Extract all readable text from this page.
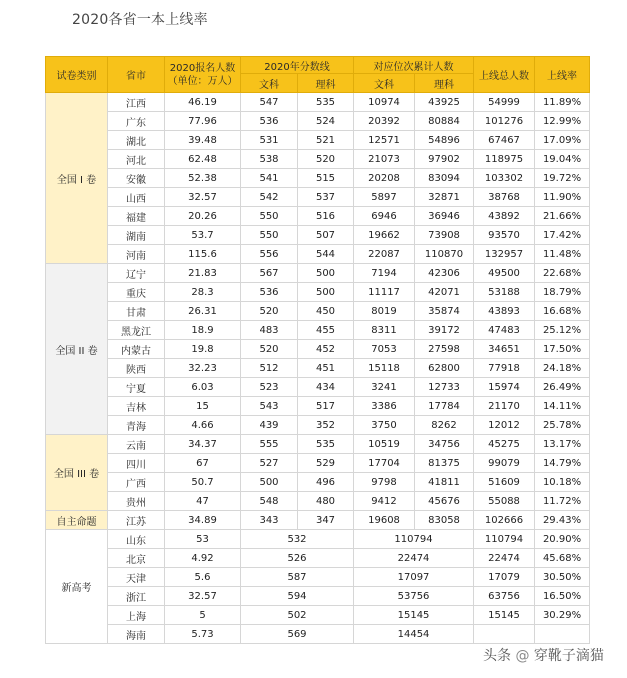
2020各省一本上线率
试卷类别	省市	2020报名人数
（单位：万人）	2020年分数线		对应位次累计人数		上线总人数	上线率
			文科	理科	文科	理科		
全国 I 卷	江西	46.19	547	535	10974	43925	54999	11.89%
	广东	77.96	536	524	20392	80884	101276	12.99%
	湖北	39.48	531	521	12571	54896	67467	17.09%
	河北	62.48	538	520	21073	97902	118975	19.04%
	安徽	52.38	541	515	20208	83094	103302	19.72%
	山西	32.57	542	537	5897	32871	38768	11.90%
	福建	20.26	550	516	6946	36946	43892	21.66%
	湖南	53.7	550	507	19662	73908	93570	17.42%
	河南	115.6	556	544	22087	110870	132957	11.48%
全国 II 卷	辽宁	21.83	567	500	7194	42306	49500	22.68%
	重庆	28.3	536	500	11117	42071	53188	18.79%
	甘肃	26.31	520	450	8019	35874	43893	16.68%
	黑龙江	18.9	483	455	8311	39172	47483	25.12%
	内蒙古	19.8	520	452	7053	27598	34651	17.50%
	陕西	32.23	512	451	15118	62800	77918	24.18%
	宁夏	6.03	523	434	3241	12733	15974	26.49%
	吉林	15	543	517	3386	17784	21170	14.11%
	青海	4.66	439	352	3750	8262	12012	25.78%
全国 III 卷	云南	34.37	555	535	10519	34756	45275	13.17%
	四川	67	527	529	17704	81375	99079	14.79%
	广西	50.7	500	496	9798	41811	51609	10.18%
	贵州	47	548	480	9412	45676	55088	11.72%
自主命题	江苏	34.89	343	347	19608	83058	102666	29.43%
新高考	山东	53	532		110794		110794	20.90%
	北京	4.92	526		22474		22474	45.68%
	天津	5.6	587		17097		17079	30.50%
	浙江	32.57	594		53756		63756	16.50%
	上海	5	502		15145		15145	30.29%
	海南	5.73	569		14454			
头条 @ 穿靴子滴猫
